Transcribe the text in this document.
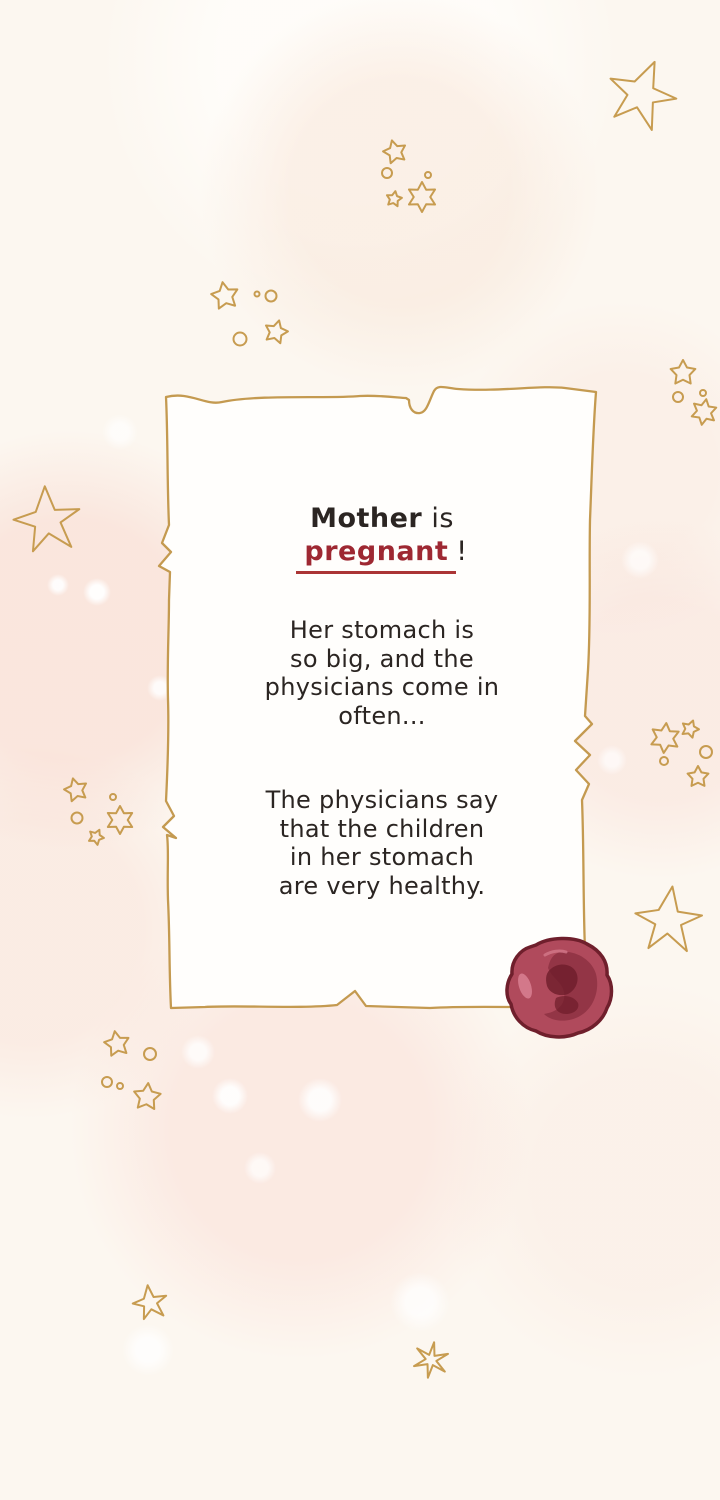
Mother is
pregnant !
Her stomach is
so big, and the
physicians come in
often...
The physicians say
that the children
in her stomach
are very healthy.
